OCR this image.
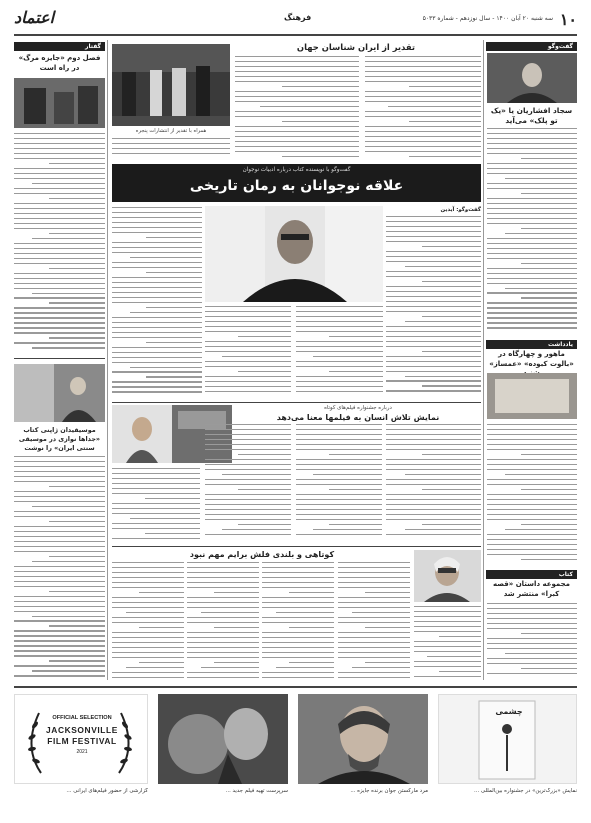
۱۰
سه شنبه ۲۰ آبان ۱۴۰۰ - سال نوزدهم - شماره ۵۰۳۳
فرهنگ
اعتماد
گفت‌وگو
سجاد افشاریان یا «یک تو پلک» می‌آید
یادداشت
ماهور و چهارگاه در «بالوت کبوده» «عمساز»
کتاب
مجموعه داستان «قصه کبرا» منتشر شد
گفتار
فصل دوم «جایزه مرگ» در راه است
موسیقیدان ژاپنی کتاب «جداها نوازی در موسیقی سنتی ایران» را نوشت
تقدیر از ایران شناسان جهان
همراه با تقدیر از انتشارات پنجره
گفت‌وگو با نویسنده کتاب درباره ادبیات نوجوان
علاقه نوجوانان به رمان تاریخی
گفت‌وگو: آیدین
درباره جشنواره فیلم‌های کوتاه
نمایش تلاش انسان به فیلمها معنا می‌دهد
کوتاهی و بلندی فلش برایم مهم نبود
OFFICIAL SELECTION
JACKSONVILLE
FILM FESTIVAL
2021
چشمی
نمایش «بزرگ‌ترین» در جشنواره بین‌المللی ...
مرد مارکستن جوان برنده جایزه ...
سرپرست تهیه فیلم جدید ...
گزارشی از حضور فیلم‌های ایرانی ...
